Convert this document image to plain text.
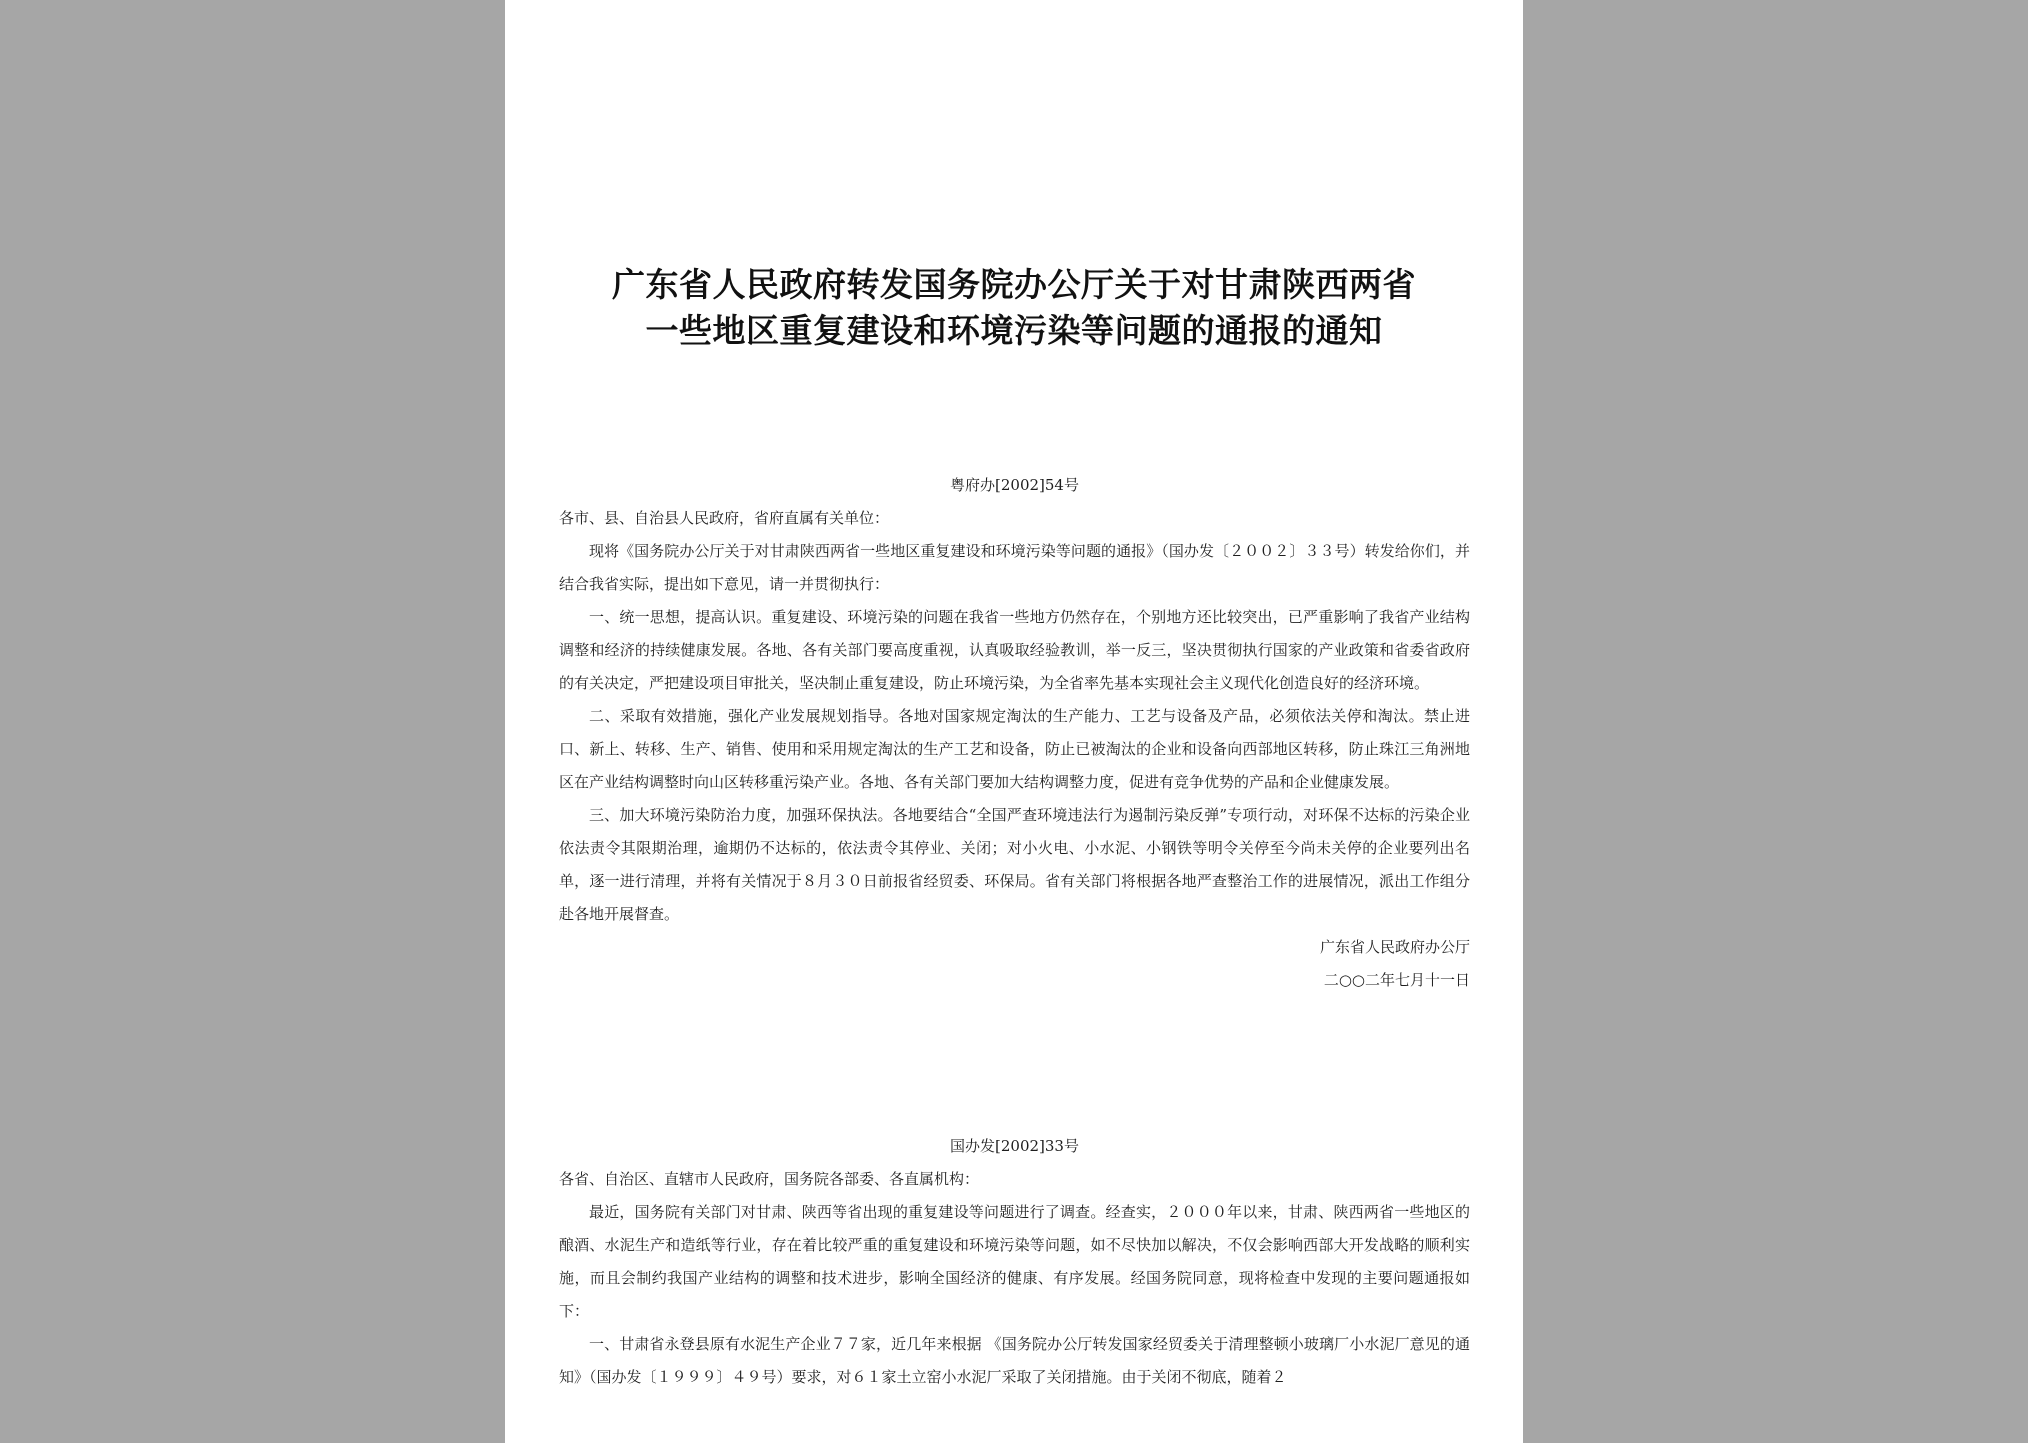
广东省人民政府转发国务院办公厅关于对甘肃陕西两省
一些地区重复建设和环境污染等问题的通报的通知

粤府办[2002]54号

各市、县、自治县人民政府，省府直属有关单位：

现将《国务院办公厅关于对甘肃陕西两省一些地区重复建设和环境污染等问题的通报》（国办发〔２００２〕３３号）转发给你们，并结合我省实际，提出如下意见，请一并贯彻执行：

一、统一思想，提高认识。重复建设、环境污染的问题在我省一些地方仍然存在，个别地方还比较突出，已严重影响了我省产业结构调整和经济的持续健康发展。各地、各有关部门要高度重视，认真吸取经验教训，举一反三，坚决贯彻执行国家的产业政策和省委省政府的有关决定，严把建设项目审批关，坚决制止重复建设，防止环境污染，为全省率先基本实现社会主义现代化创造良好的经济环境。

二、采取有效措施，强化产业发展规划指导。各地对国家规定淘汰的生产能力、工艺与设备及产品，必须依法关停和淘汰。禁止进口、新上、转移、生产、销售、使用和采用规定淘汰的生产工艺和设备，防止已被淘汰的企业和设备向西部地区转移，防止珠江三角洲地区在产业结构调整时向山区转移重污染产业。各地、各有关部门要加大结构调整力度，促进有竞争优势的产品和企业健康发展。

三、加大环境污染防治力度，加强环保执法。各地要结合“全国严查环境违法行为遏制污染反弹”专项行动，对环保不达标的污染企业依法责令其限期治理，逾期仍不达标的，依法责令其停业、关闭；对小火电、小水泥、小钢铁等明令关停至今尚未关停的企业要列出名单，逐一进行清理，并将有关情况于８月３０日前报省经贸委、环保局。省有关部门将根据各地严查整治工作的进展情况，派出工作组分赴各地开展督查。

广东省人民政府办公厅

二○○二年七月十一日

国办发[2002]33号

各省、自治区、直辖市人民政府，国务院各部委、各直属机构：

最近，国务院有关部门对甘肃、陕西等省出现的重复建设等问题进行了调查。经查实，２０００年以来，甘肃、陕西两省一些地区的酿酒、水泥生产和造纸等行业，存在着比较严重的重复建设和环境污染等问题，如不尽快加以解决，不仅会影响西部大开发战略的顺利实施，而且会制约我国产业结构的调整和技术进步，影响全国经济的健康、有序发展。经国务院同意，现将检查中发现的主要问题通报如下：

一、甘肃省永登县原有水泥生产企业７７家，近几年来根据 《国务院办公厅转发国家经贸委关于清理整顿小玻璃厂小水泥厂意见的通知》（国办发〔１９９９〕４９号）要求，对６１家土立窑小水泥厂采取了关闭措施。由于关闭不彻底，随着２
